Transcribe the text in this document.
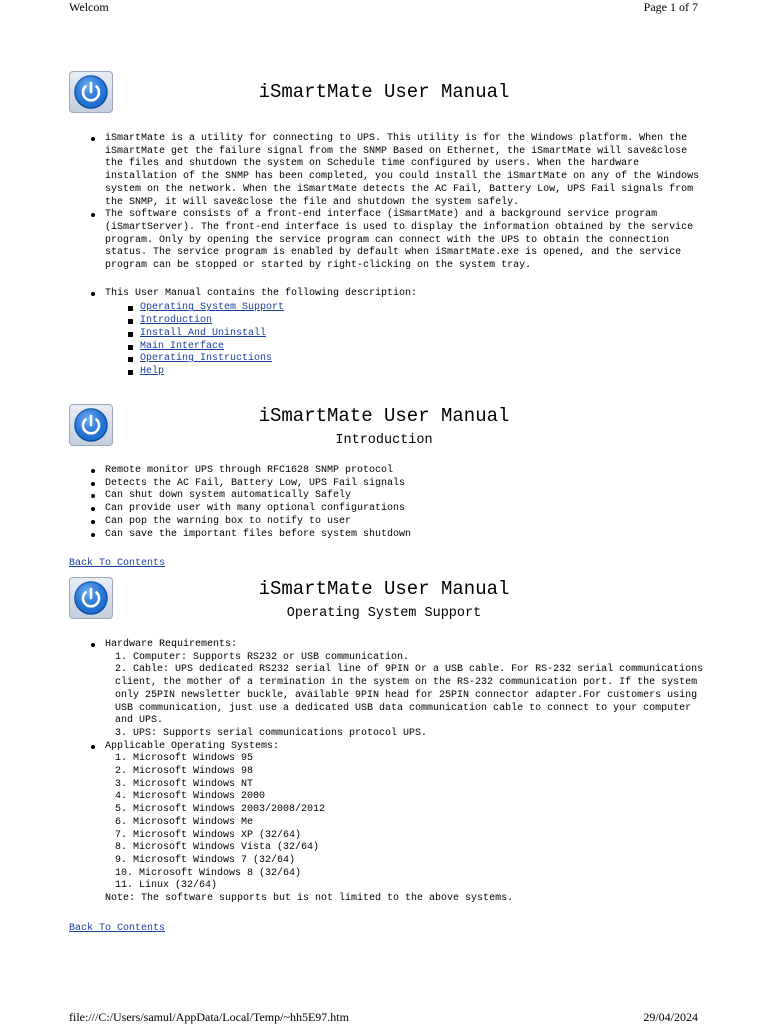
Welcom	Page 1 of 7
iSmartMate User Manual
iSmartMate is a utility for connecting to UPS. This utility is for the Windows platform. When the iSmartMate get the failure signal from the SNMP Based on Ethernet, the iSmartMate will save&close the files and shutdown the system on Schedule time configured by users. When the hardware installation of the SNMP has been completed, you could install the iSmartMate on any of the Windows system on the network. When the iSmartMate detects the AC Fail, Battery Low, UPS Fail signals from the SNMP, it will save&close the file and shutdown the system safely.
The software consists of a front-end interface (iSmartMate) and a background service program (iSmartServer). The front-end interface is used to display the information obtained by the service program. Only by opening the service program can connect with the UPS to obtain the connection status. The service program is enabled by default when iSmartMate.exe is opened, and the service program can be stopped or started by right-clicking on the system tray.
This User Manual contains the following description:
Operating System Support
Introduction
Install And Uninstall
Main Interface
Operating Instructions
Help
iSmartMate User Manual
Introduction
Remote monitor UPS through RFC1628 SNMP protocol
Detects the AC Fail, Battery Low, UPS Fail signals
Can shut down system automatically Safely
Can provide user with many optional configurations
Can pop the warning box to notify to user
Can save the important files before system shutdown
Back To Contents
iSmartMate User Manual
Operating System Support
Hardware Requirements:
1. Computer: Supports RS232 or USB communication.
2. Cable: UPS dedicated RS232 serial line of 9PIN Or a USB cable. For RS-232 serial communications client, the mother of a termination in the system on the RS-232 communication port. If the system only 25PIN newsletter buckle, available 9PIN head for 25PIN connector adapter.For customers using USB communication, just use a dedicated USB data communication cable to connect to your computer and UPS.
3. UPS: Supports serial communications protocol UPS.
Applicable Operating Systems:
1. Microsoft Windows 95
2. Microsoft Windows 98
3. Microsoft Windows NT
4. Microsoft Windows 2000
5. Microsoft Windows 2003/2008/2012
6. Microsoft Windows Me
7. Microsoft Windows XP (32/64)
8. Microsoft Windows Vista (32/64)
9. Microsoft Windows 7 (32/64)
10. Microsoft Windows 8 (32/64)
11. Linux (32/64)
Note: The software supports but is not limited to the above systems.
Back To Contents
file:///C:/Users/samul/AppData/Local/Temp/~hh5E97.htm	29/04/2024
